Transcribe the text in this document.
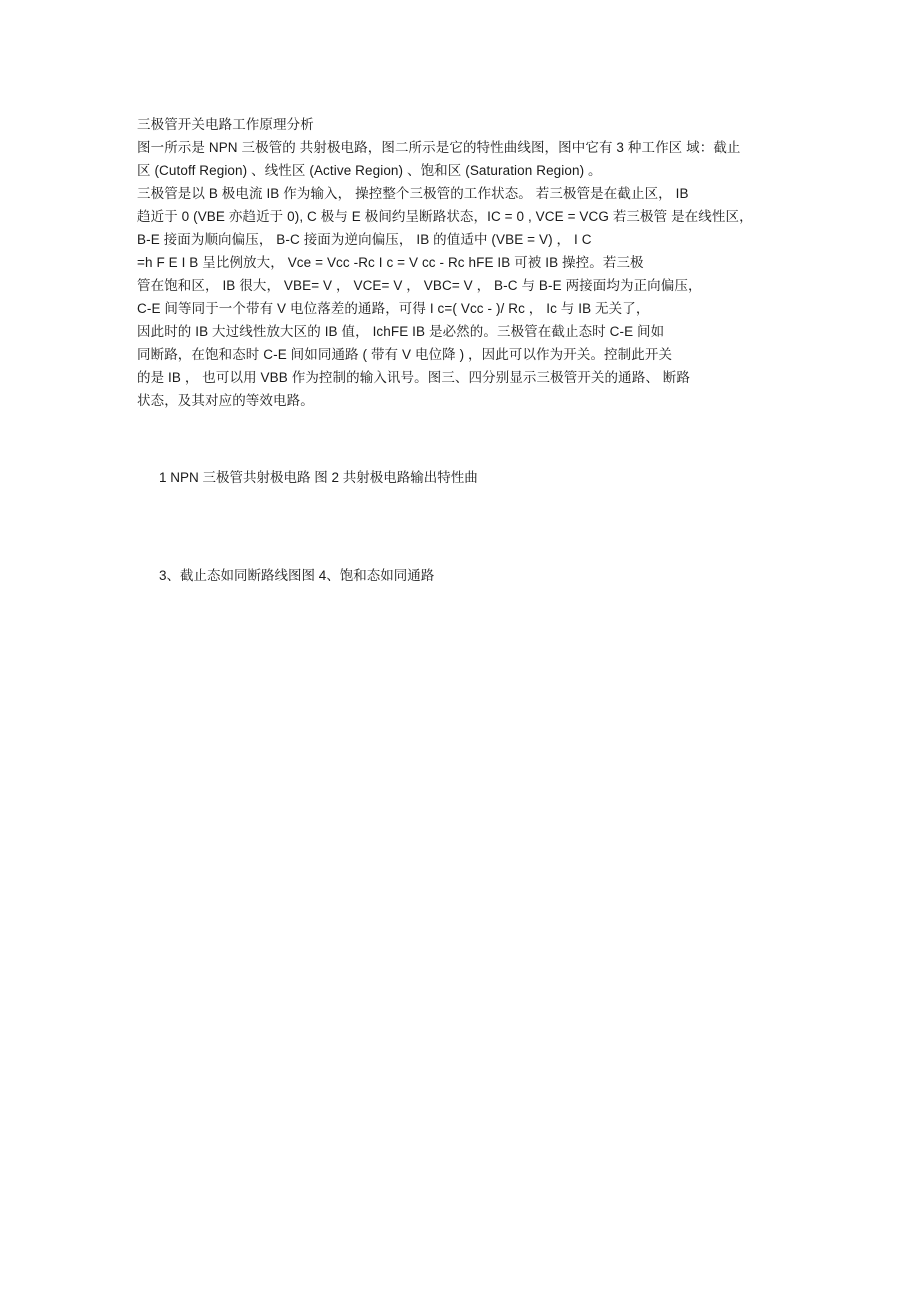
三极管开关电路工作原理分析
图一所示是 NPN 三极管的 共射极电路，图二所示是它的特性曲线图，图中它有 3 种工作区 域：截止
区 (Cutoff Region) 、线性区 (Active Region) 、饱和区 (Saturation Region) 。
三极管是以 B 极电流 IB 作为输入， 操控整个三极管的工作状态。 若三极管是在截止区， IB
趋近于 0 (VBE 亦趋近于 0), C 极与 E 极间约呈断路状态，IC = 0 , VCE = VCG 若三极管 是在线性区，
B-E 接面为顺向偏压， B-C 接面为逆向偏压， IB 的值适中 (VBE = V) ， I C
=h F E I B 呈比例放大， Vce = Vcc -Rc I c = V cc - Rc hFE IB 可被 IB 操控。若三极
管在饱和区， IB 很大， VBE= V ， VCE= V ， VBC= V ， B-C 与 B-E 两接面均为正向偏压，
C-E 间等同于一个带有 V 电位落差的通路，可得 I c=( Vcc - )/ Rc ， Ic 与 IB 无关了，
因此时的 IB 大过线性放大区的 IB 值， IchFE IB 是必然的。三极管在截止态时 C-E 间如
同断路，在饱和态时 C-E 间如同通路 ( 带有 V 电位降 ) ，因此可以作为开关。控制此开关
的是 IB ， 也可以用 VBB 作为控制的输入讯号。图三、四分别显示三极管开关的通路、 断路
状态，及其对应的等效电路。
1 NPN 三极管共射极电路 图 2 共射极电路输出特性曲
3、截止态如同断路线图图 4、饱和态如同通路
